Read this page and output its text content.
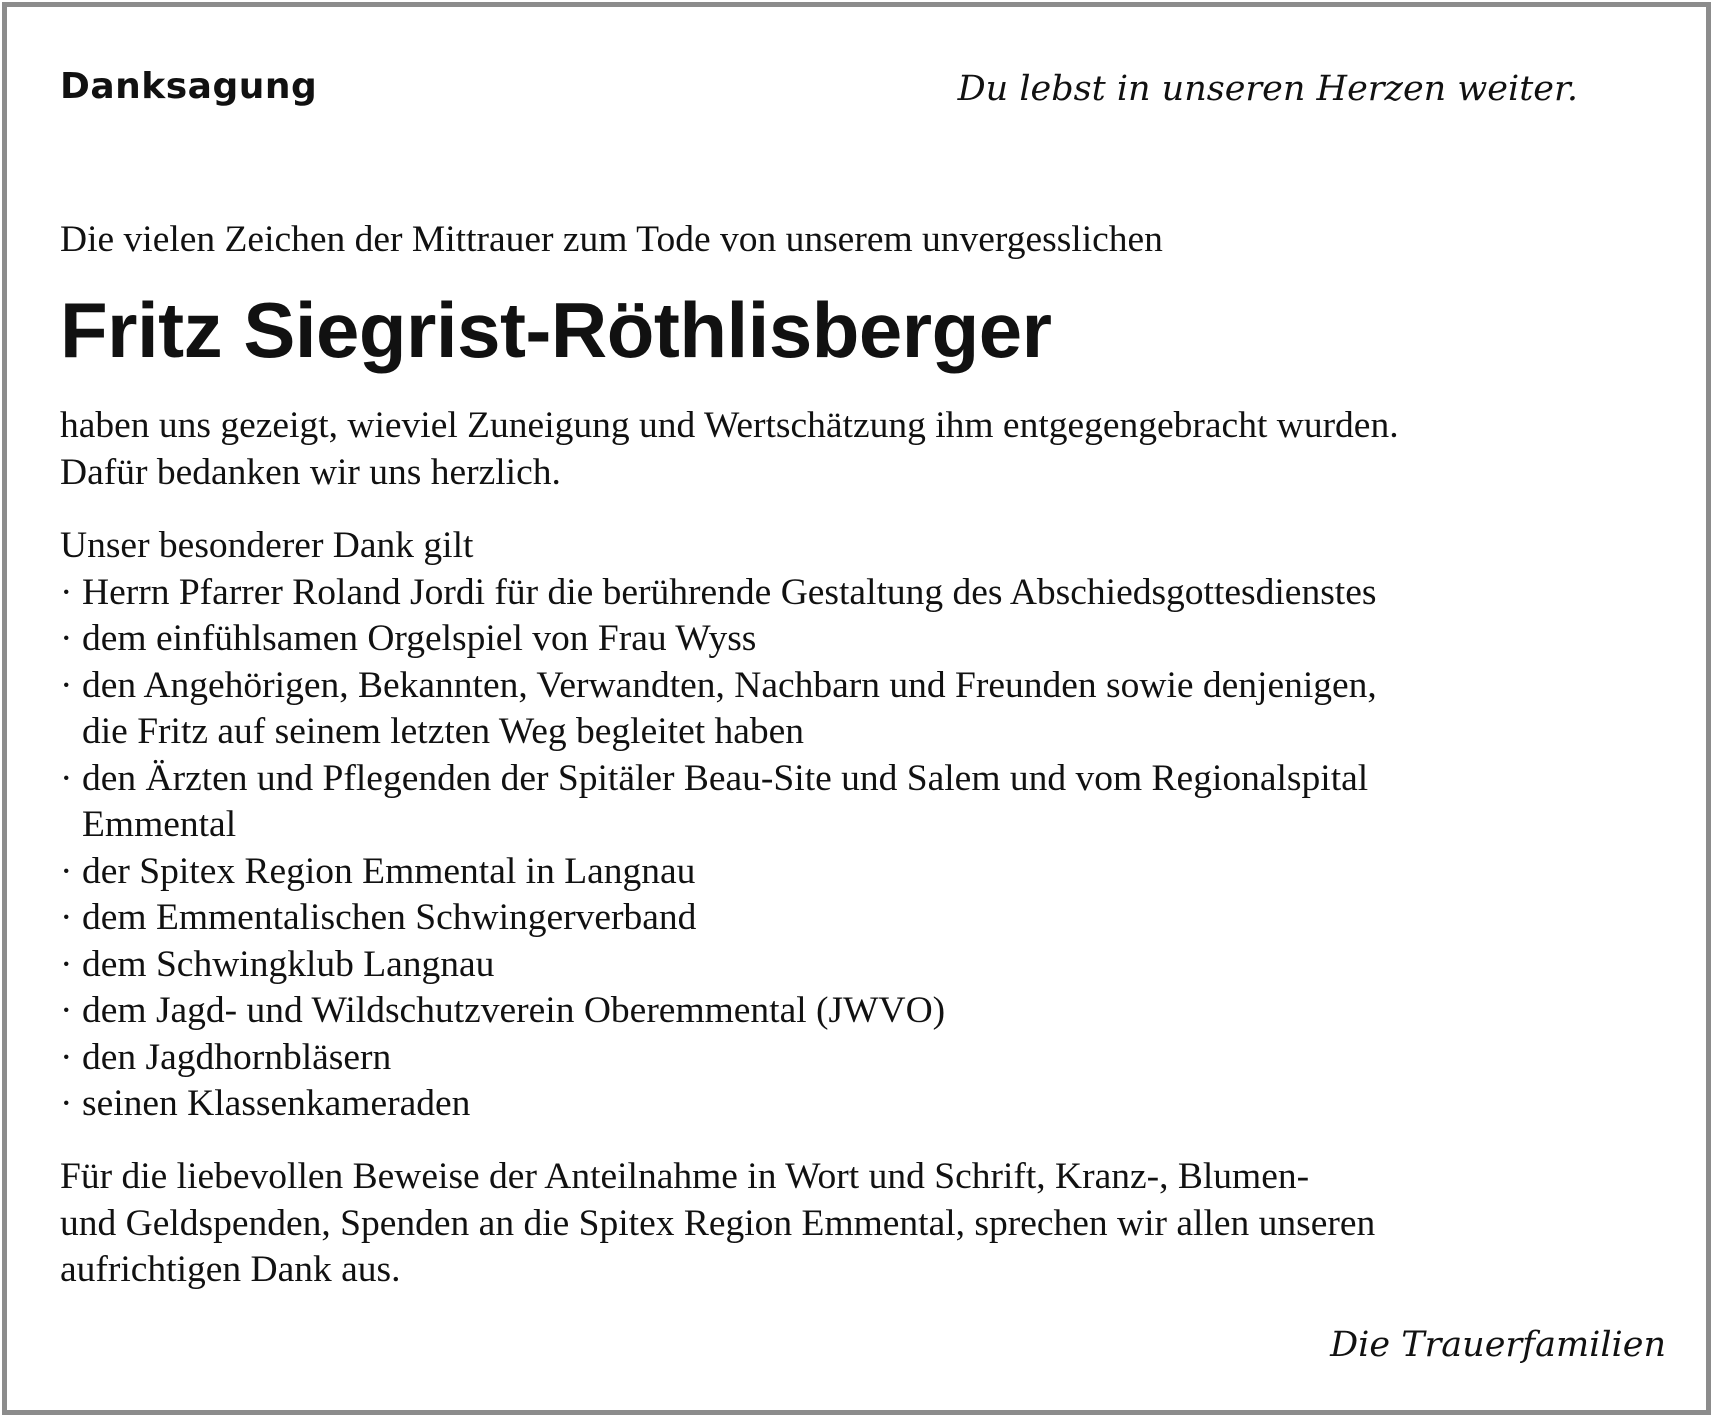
Danksagung	Du lebst in unseren Herzen weiter.

Die vielen Zeichen der Mittrauer zum Tode von unserem unvergesslichen

Fritz Siegrist-Röthlisberger
haben uns gezeigt, wieviel Zuneigung und Wertschätzung ihm entgegengebracht wurden.
Dafür bedanken wir uns herzlich.
Unser besonderer Dank gilt
· Herrn Pfarrer Roland Jordi für die berührende Gestaltung des Abschiedsgottesdienstes
· dem einfühlsamen Orgelspiel von Frau Wyss
· den Angehörigen, Bekannten, Verwandten, Nachbarn und Freunden sowie denjenigen,
die Fritz auf seinem letzten Weg begleitet haben
· den Ärzten und Pflegenden der Spitäler Beau-Site und Salem und vom Regionalspital
Emmental
· der Spitex Region Emmental in Langnau
· dem Emmentalischen Schwingerverband
· dem Schwingklub Langnau
· dem Jagd- und Wildschutzverein Oberemmental (JWVO)
· den Jagdhornbläsern
· seinen Klassenkameraden
Für die liebevollen Beweise der Anteilnahme in Wort und Schrift, Kranz-, Blumen-
und Geldspenden, Spenden an die Spitex Region Emmental, sprechen wir allen unseren
aufrichtigen Dank aus.

Die Trauerfamilien
